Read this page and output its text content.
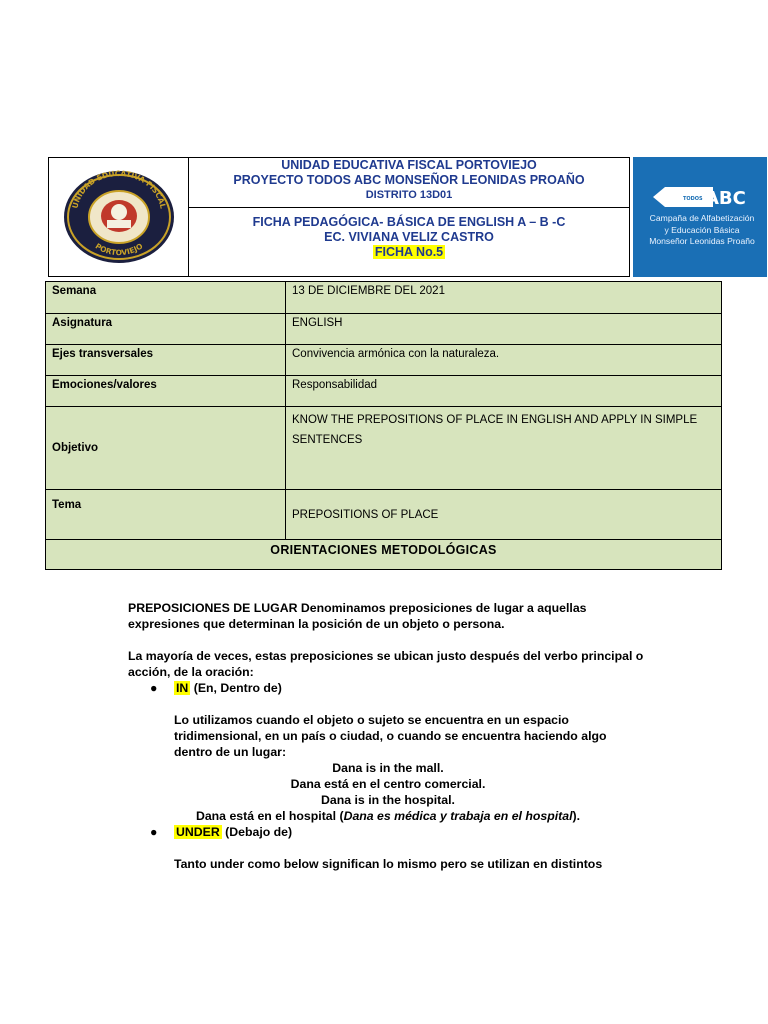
UNIDAD EDUCATIVA FISCAL
PORTOVIEJO
UNIDAD EDUCATIVA FISCAL PORTOVIEJO
PROYECTO TODOS ABC MONSEÑOR LEONIDAS PROAÑO
DISTRITO 13D01
FICHA PEDAGÓGICA- BÁSICA DE ENGLISH A – B -C
EC. VIVIANA VELIZ CASTRO
FICHA No.5
TODOS ABC
Campaña de Alfabetización
y Educación Básica
Monseñor Leonidas Proaño
Semana	13 DE DICIEMBRE DEL 2021
Asignatura	ENGLISH
Ejes transversales	Convivencia armónica con la naturaleza.
Emociones/valores	Responsabilidad
Objetivo	KNOW THE PREPOSITIONS OF PLACE IN ENGLISH AND APPLY IN SIMPLE SENTENCES
Tema	PREPOSITIONS OF PLACE
ORIENTACIONES METODOLÓGICAS	

PREPOSICIONES DE LUGAR Denominamos preposiciones de lugar a aquellas expresiones que determinan la posición de un objeto o persona.

La mayoría de veces, estas preposiciones se ubican justo después del verbo principal o acción, de la oración:

● IN (En, Dentro de)

Lo utilizamos cuando el objeto o sujeto se encuentra en un espacio tridimensional, en un país o ciudad, o cuando se encuentra haciendo algo dentro de un lugar:

Dana is in the mall.

Dana está en el centro comercial.

Dana is in the hospital.

Dana está en el hospital (Dana es médica y trabaja en el hospital).

● UNDER (Debajo de)

Tanto under como below significan lo mismo pero se utilizan en distintos
